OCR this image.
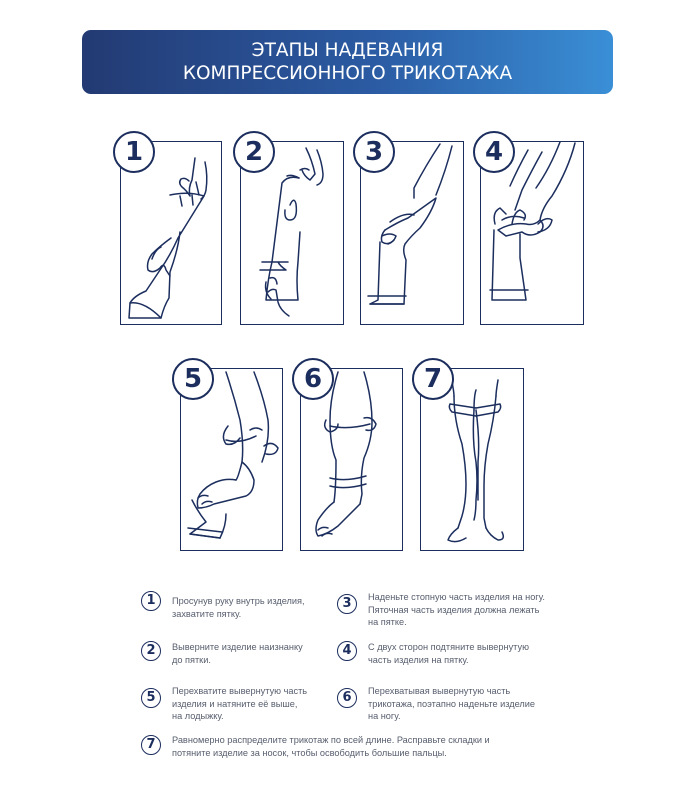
ЭТАПЫ НАДЕВАНИЯ
КОМПРЕССИОННОГО ТРИКОТАЖА
1	2	3	4
5	6	7
1	Просунув руку внутрь изделия,
захватите пятку.
2	Выверните изделие наизнанку
до пятки.
5	Перехватите вывернутую часть
изделия и натяните её выше,
на лодыжку.
3	Наденьте стопную часть изделия на ногу.
Пяточная часть изделия должна лежать
на пятке.
4	С двух сторон подтяните вывернутую
часть изделия на пятку.
6	Перехватывая вывернутую часть
трикотажа, поэтапно наденьте изделие
на ногу.
7	Равномерно распределите трикотаж по всей длине. Расправьте складки и
потяните изделие за носок, чтобы освободить большие пальцы.
